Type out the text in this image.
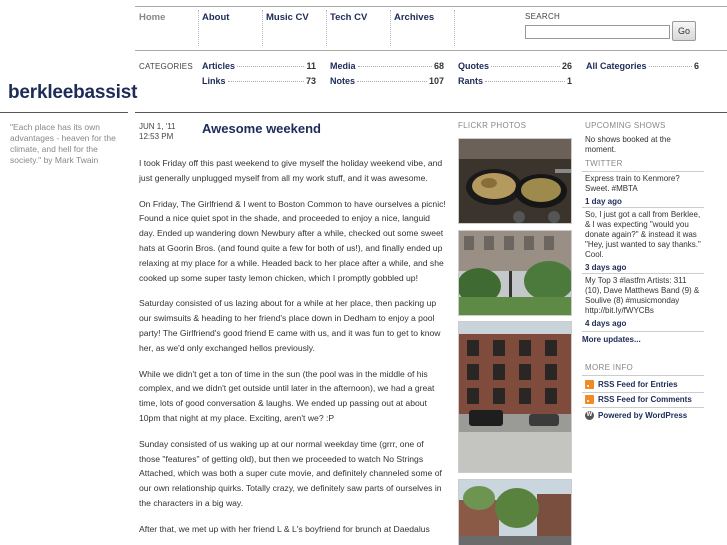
berkleebassist
"Each place has its own advantages - heaven for the climate, and hell for the society." by Mark Twain
Home	About	Music CV Tech CV	Archives	SEARCH
Go
CATEGORIES Articles	11
Links	73
Media	68
Notes	107
Quotes	26
Rants	1
All Categories	6
JUN 1, '11
12:53 PM
Awesome weekend

I took Friday off this past weekend to give myself the holiday weekend vibe, and just generally unplugged myself from all my work stuff, and it was awesome.

On Friday, The Girlfriend & I went to Boston Common to have ourselves a picnic! Found a nice quiet spot in the shade, and proceeded to enjoy a nice, languid day. Ended up wandering down Newbury after a while, checked out some sweet hats at Goorin Bros. (and found quite a few for both of us!), and finally ended up relaxing at my place for a while. Headed back to her place after a while, and she cooked up some super tasty lemon chicken, which I promptly gobbled up!

Saturday consisted of us lazing about for a while at her place, then packing up our swimsuits & heading to her friend's place down in Dedham to enjoy a pool party! The Girlfriend's good friend E came with us, and it was fun to get to know her, as we'd only exchanged hellos previously.

While we didn't get a ton of time in the sun (the pool was in the middle of his complex, and we didn't get outside until later in the afternoon), we had a great time, lots of good conversation & laughs. We ended up passing out at about 10pm that night at my place. Exciting, aren't we? :P

Sunday consisted of us waking up at our normal weekday time (grrr, one of those "features" of getting old), but then we proceeded to watch No Strings Attached, which was both a super cute movie, and definitely channeled some of our own relationship quirks. Totally crazy, we definitely saw parts of ourselves in the characters in a big way.

After that, we met up with her friend L & L's boyfriend for brunch at Daedalus

FLICKR PHOTOS	UPCOMING SHOWS
No shows booked at the moment.
TWITTER
Express train to Kenmore? Sweet. #MBTA
1 day ago
So, I just got a call from Berklee, & I was expecting "would you donate again?" & instead it was "Hey, just wanted to say thanks." Cool.
3 days ago
My Top 3 #lastfm Artists: 311 (10), Dave Matthews Band (9) & Soulive (8) #musicmonday http://bit.ly/fWYCBs
4 days ago
More updates...
MORE INFO
RSS Feed for Entries
RSS Feed for Comments
W Powered by WordPress
